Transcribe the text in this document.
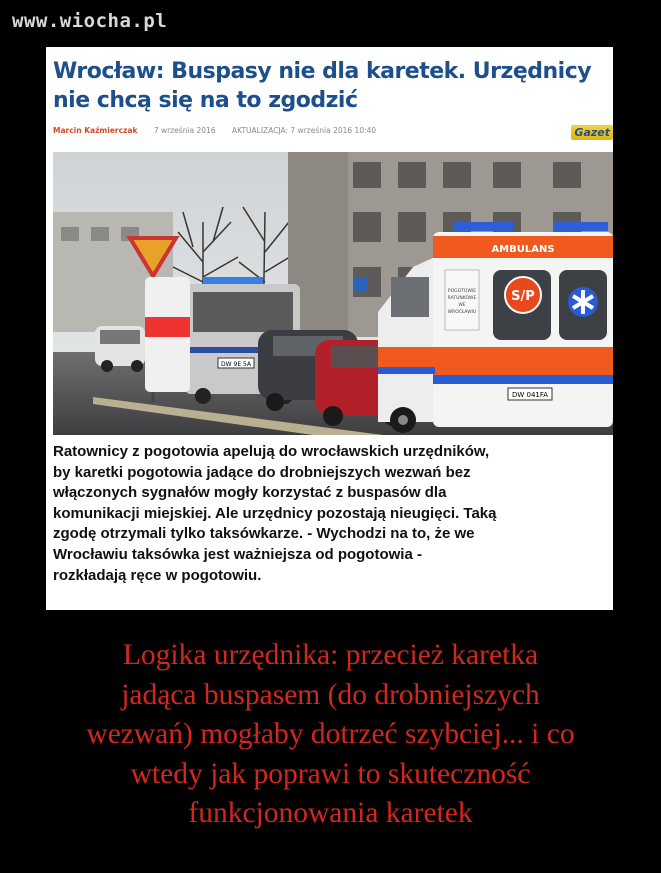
www.wiocha.pl
Wrocław: Buspasy nie dla karetek. Urzędnicy
nie chcą się na to zgodzić
Marcin Kaźmierczak 7 września 2016 AKTUALIZACJA: 7 września 2016 10:40	Gazet
DW 9E 5A
AMBULANS
POGOTOWIE
RATUNKOWE
WE
WROCŁAWIU
S/P
DW 041FA
Ratownicy z pogotowia apelują do wrocławskich urzędników,
by karetki pogotowia jadące do drobniejszych wezwań bez
włączonych sygnałów mogły korzystać z buspasów dla
komunikacji miejskiej. Ale urzędnicy pozostają nieugięci. Taką
zgodę otrzymali tylko taksówkarze. - Wychodzi na to, że we
Wrocławiu taksówka jest ważniejsza od pogotowia -
rozkładają ręce w pogotowiu.
Logika urzędnika: przecież karetka
jadąca buspasem (do drobniejszych
wezwań) mogłaby dotrzeć szybciej... i co
wtedy jak poprawi to skuteczność
funkcjonowania karetek
